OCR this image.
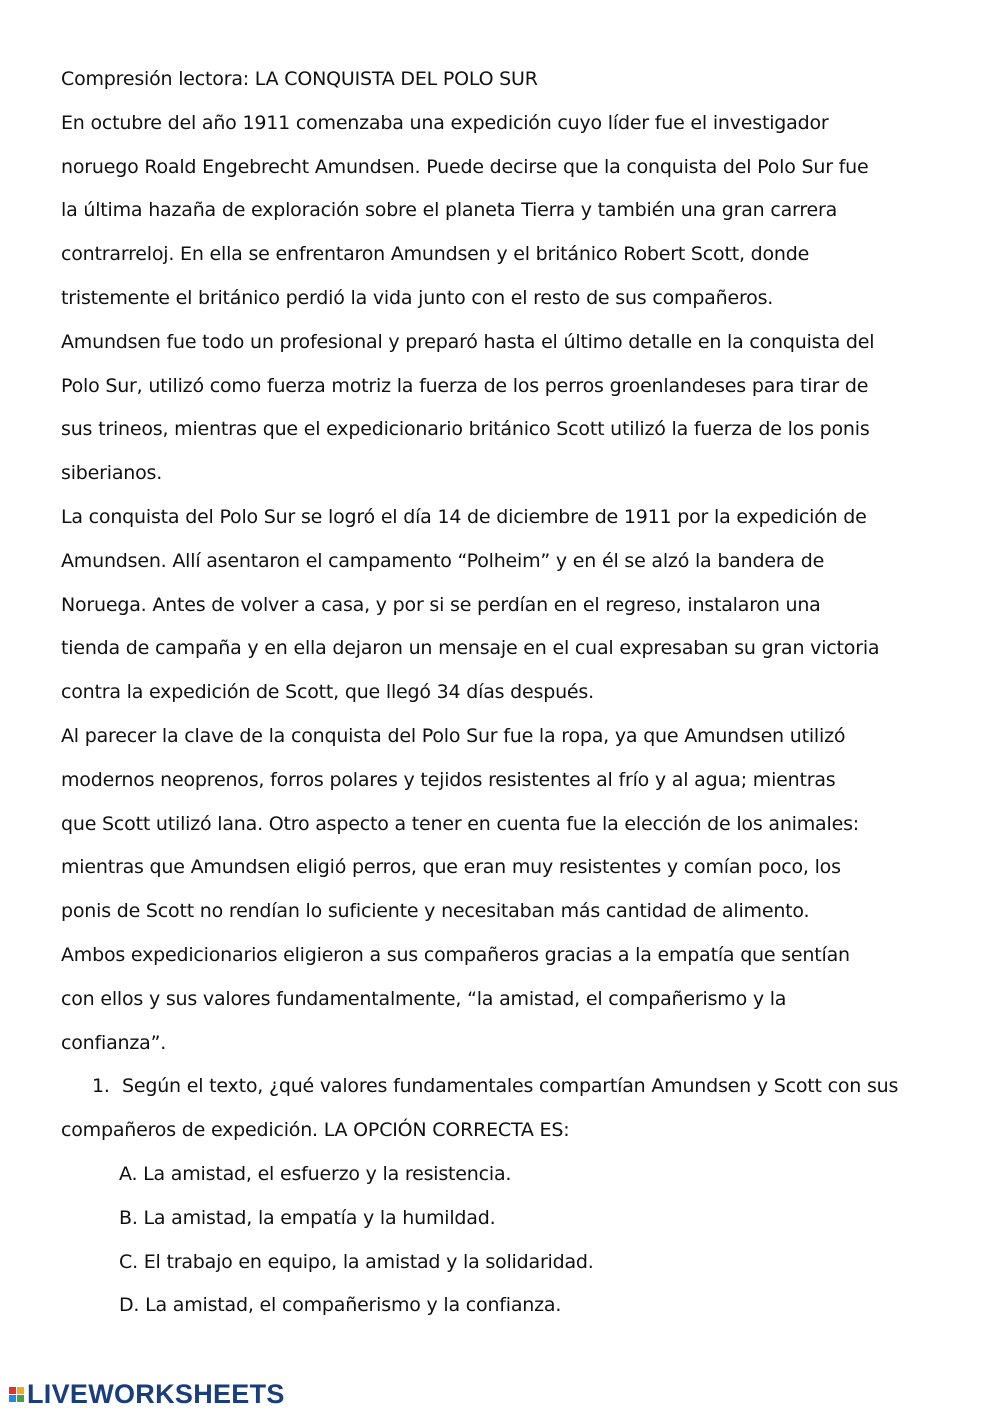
Compresión lectora: LA CONQUISTA DEL POLO SUR
En octubre del año 1911 comenzaba una expedición cuyo líder fue el investigador
noruego Roald Engebrecht Amundsen. Puede decirse que la conquista del Polo Sur fue
la última hazaña de exploración sobre el planeta Tierra y también una gran carrera
contrarreloj. En ella se enfrentaron Amundsen y el británico Robert Scott, donde
tristemente el británico perdió la vida junto con el resto de sus compañeros.
Amundsen fue todo un profesional y preparó hasta el último detalle en la conquista del
Polo Sur, utilizó como fuerza motriz la fuerza de los perros groenlandeses para tirar de
sus trineos, mientras que el expedicionario británico Scott utilizó la fuerza de los ponis
siberianos.
La conquista del Polo Sur se logró el día 14 de diciembre de 1911 por la expedición de
Amundsen. Allí asentaron el campamento “Polheim” y en él se alzó la bandera de
Noruega. Antes de volver a casa, y por si se perdían en el regreso, instalaron una
tienda de campaña y en ella dejaron un mensaje en el cual expresaban su gran victoria
contra la expedición de Scott, que llegó 34 días después.
Al parecer la clave de la conquista del Polo Sur fue la ropa, ya que Amundsen utilizó
modernos neoprenos, forros polares y tejidos resistentes al frío y al agua; mientras
que Scott utilizó lana. Otro aspecto a tener en cuenta fue la elección de los animales:
mientras que Amundsen eligió perros, que eran muy resistentes y comían poco, los
ponis de Scott no rendían lo suficiente y necesitaban más cantidad de alimento.
Ambos expedicionarios eligieron a sus compañeros gracias a la empatía que sentían
con ellos y sus valores fundamentalmente, “la amistad, el compañerismo y la
confianza”.
1. Según el texto, ¿qué valores fundamentales compartían Amundsen y Scott con sus
compañeros de expedición. LA OPCIÓN CORRECTA ES:
A. La amistad, el esfuerzo y la resistencia.
B. La amistad, la empatía y la humildad.
C. El trabajo en equipo, la amistad y la solidaridad.
D. La amistad, el compañerismo y la confianza.
LIVEWORKSHEETS
